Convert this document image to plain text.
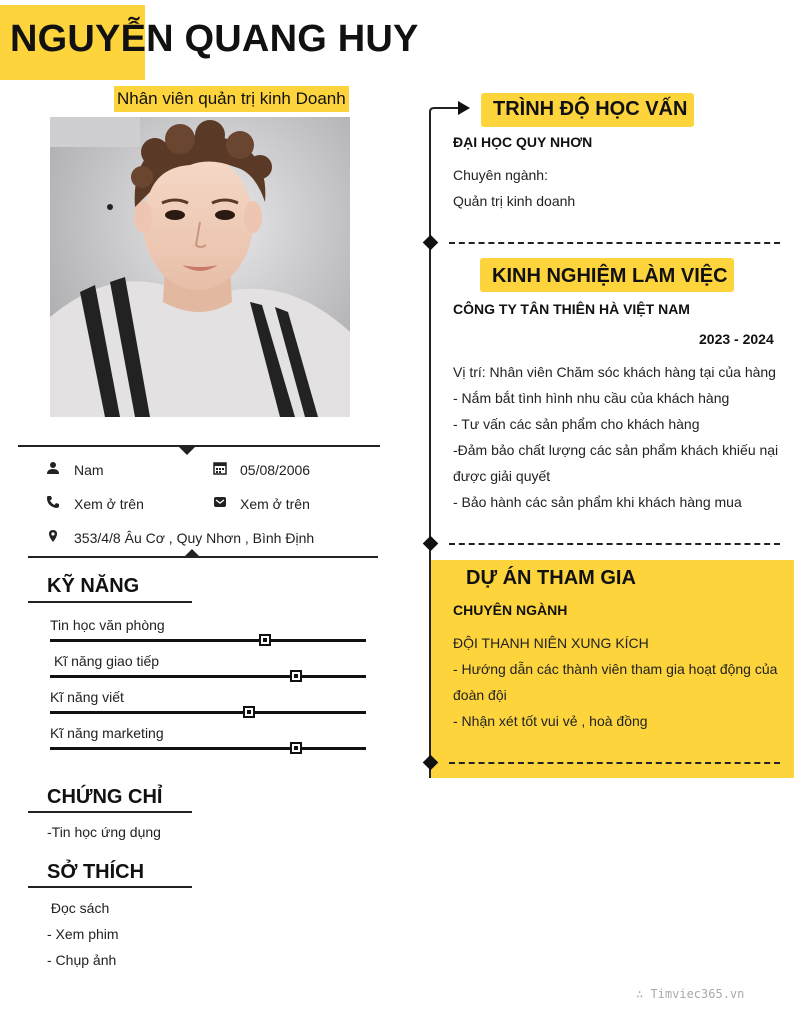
NGUYỄN QUANG HUY
Nhân viên quản trị kinh Doanh
Nam	05/08/2006
Xem ở trên	Xem ở trên
353/4/8 Âu Cơ , Quy Nhơn , Bình Định
KỸ NĂNG
Tin học văn phòng
Kĩ năng giao tiếp
Kĩ năng viết
Kĩ năng marketing
CHỨNG CHỈ
-Tin học ứng dụng
SỞ THÍCH
Đọc sách
- Xem phim
- Chụp ảnh
TRÌNH ĐỘ HỌC VẤN
ĐẠI HỌC QUY NHƠN
Chuyên ngành:
Quản trị kinh doanh
KINH NGHIỆM LÀM VIỆC
CÔNG TY TÂN THIÊN HÀ VIỆT NAM
2023 - 2024
Vị trí: Nhân viên Chăm sóc khách hàng tại của hàng
- Nắm bắt tình hình nhu cầu của khách hàng
- Tư vấn các sản phẩm cho khách hàng
-Đảm bảo chất lượng các sản phẩm khách khiếu nại
được giải quyết
- Bảo hành các sản phẩm khi khách hàng mua
DỰ ÁN THAM GIA
CHUYÊN NGÀNH
ĐỘI THANH NIÊN XUNG KÍCH
- Hướng dẫn các thành viên tham gia hoạt động của
đoàn đội
- Nhận xét tốt vui vẻ , hoà đồng
∴ Timviec365.vn
